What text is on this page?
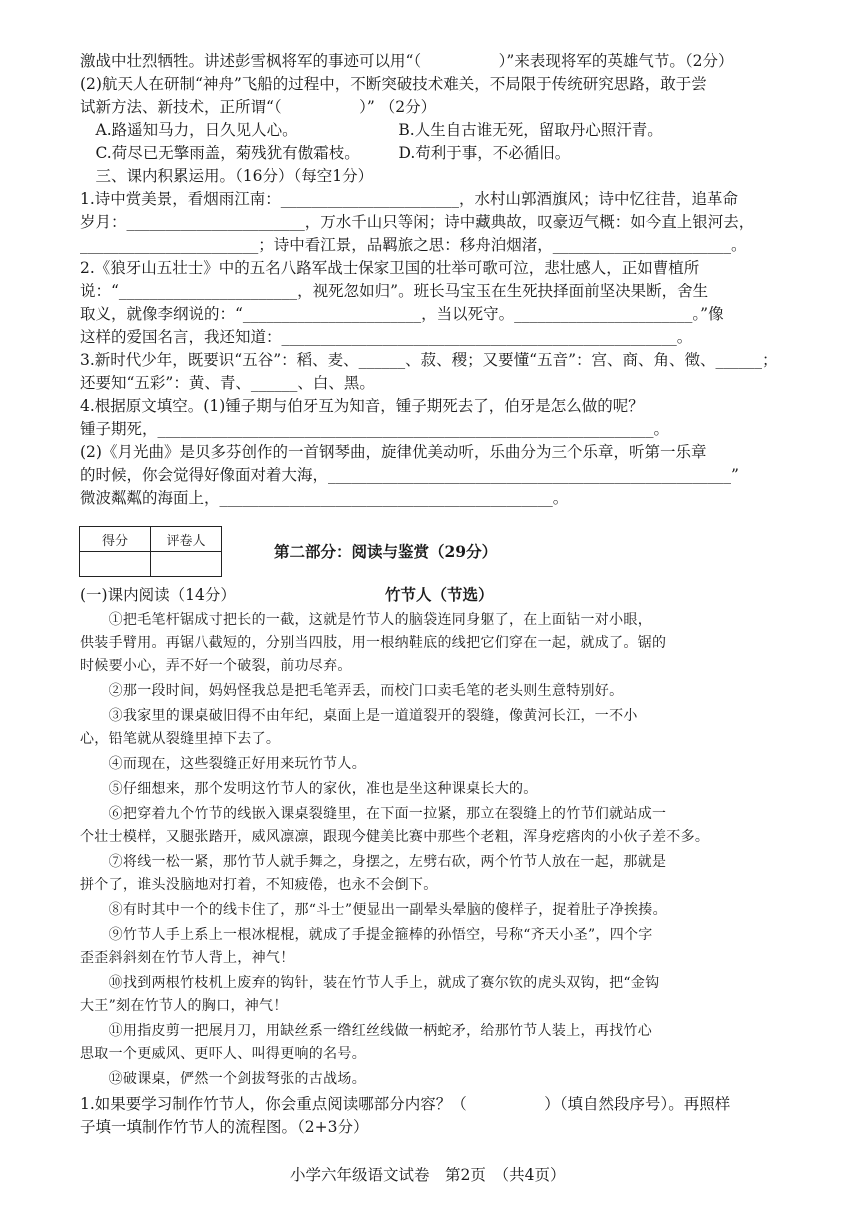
激战中壮烈牺牲。讲述彭雪枫将军的事迹可以用“（　　　　　）”来表现将军的英雄气节。（2分）
(2)航天人在研制“神舟”飞船的过程中，不断突破技术难关，不局限于传统研究思路，敢于尝
试新方法、新技术，正所谓“（　　　　　）” （2分）
　A.路遥知马力，日久见人心。　　　　　　　B.人生自古谁无死，留取丹心照汗青。
　C.荷尽已无擎雨盖，菊残犹有傲霜枝。　　　D.苟利于事，不必循旧。
　三、课内积累运用。（16分）（每空1分）
1.诗中赏美景，看烟雨江南：_______________________，水村山郭酒旗风；诗中忆往昔，追革命
岁月：_______________________，万水千山只等闲；诗中藏典故，叹豪迈气概：如今直上银河去，
_______________________；诗中看江景，品羁旅之思：移舟泊烟渚，_______________________。
2.《狼牙山五壮士》中的五名八路军战士保家卫国的壮举可歌可泣，悲壮感人，正如曹植所
说：“_______________________，视死忽如归”。班长马宝玉在生死抉择面前坚决果断，舍生
取义，就像李纲说的：“_______________________，当以死守。_______________________。”像
这样的爱国名言，我还知道：___________________________________________________。
3.新时代少年，既要识“五谷”：稻、麦、______、菽、稷；又要懂“五音”：宫、商、角、徵、______；
还要知“五彩”：黄、青、______、白、黑。
4.根据原文填空。(1)锺子期与伯牙互为知音，锺子期死去了，伯牙是怎么做的呢？
锺子期死，________________________________________________________________。
(2)《月光曲》是贝多芬创作的一首钢琴曲，旋律优美动听，乐曲分为三个乐章，听第一乐章
的时候，你会觉得好像面对着大海，____________________________________________________”
微波粼粼的海面上，___________________________________________。
得分	评卷人

第二部分：阅读与鉴赏（29分）
(一)课内阅读（14分）	竹节人（节选）
　　①把毛笔杆锯成寸把长的一截，这就是竹节人的脑袋连同身躯了，在上面钻一对小眼，
供装手臂用。再锯八截短的，分别当四肢，用一根纳鞋底的线把它们穿在一起，就成了。锯的
时候要小心，弄不好一个破裂，前功尽弃。
　　②那一段时间，妈妈怪我总是把毛笔弄丢，而校门口卖毛笔的老头则生意特别好。
　　③我家里的课桌破旧得不由年纪，桌面上是一道道裂开的裂缝，像黄河长江，一不小
心，铅笔就从裂缝里掉下去了。
　　④而现在，这些裂缝正好用来玩竹节人。
　　⑤仔细想来，那个发明这竹节人的家伙，准也是坐这种课桌长大的。
　　⑥把穿着九个竹节的线嵌入课桌裂缝里，在下面一拉紧，那立在裂缝上的竹节们就站成一
个壮士模样，又腿张踏开，威风凛凛，跟现今健美比赛中那些个老粗，浑身疙瘩肉的小伙子差不多。
　　⑦将线一松一紧，那竹节人就手舞之，身摆之，左劈右砍，两个竹节人放在一起，那就是
拼个了，谁头没脑地对打着，不知疲倦，也永不会倒下。
　　⑧有时其中一个的线卡住了，那“斗士”便显出一副晕头晕脑的傻样子，捉着肚子净挨揍。
　　⑨竹节人手上系上一根冰棍棍，就成了手提金箍棒的孙悟空，号称“齐天小圣”，四个字
歪歪斜斜刻在竹节人背上，神气！
　　⑩找到两根竹枝机上废弃的钩针，装在竹节人手上，就成了赛尔钦的虎头双钩，把“金钩
大王”刻在竹节人的胸口，神气！
　　⑪用指皮剪一把展月刀，用缺丝系一绺红丝线做一柄蛇矛，给那竹节人装上，再找竹心
思取一个更威风、更吓人、叫得更响的名号。
　　⑫破课桌，俨然一个剑拔弩张的古战场。
1.如果要学习制作竹节人，你会重点阅读哪部分内容？（　　　　　）（填自然段序号）。再照样
子填一填制作竹节人的流程图。（2+3分）
小学六年级语文试卷　第2页　（共4页）
